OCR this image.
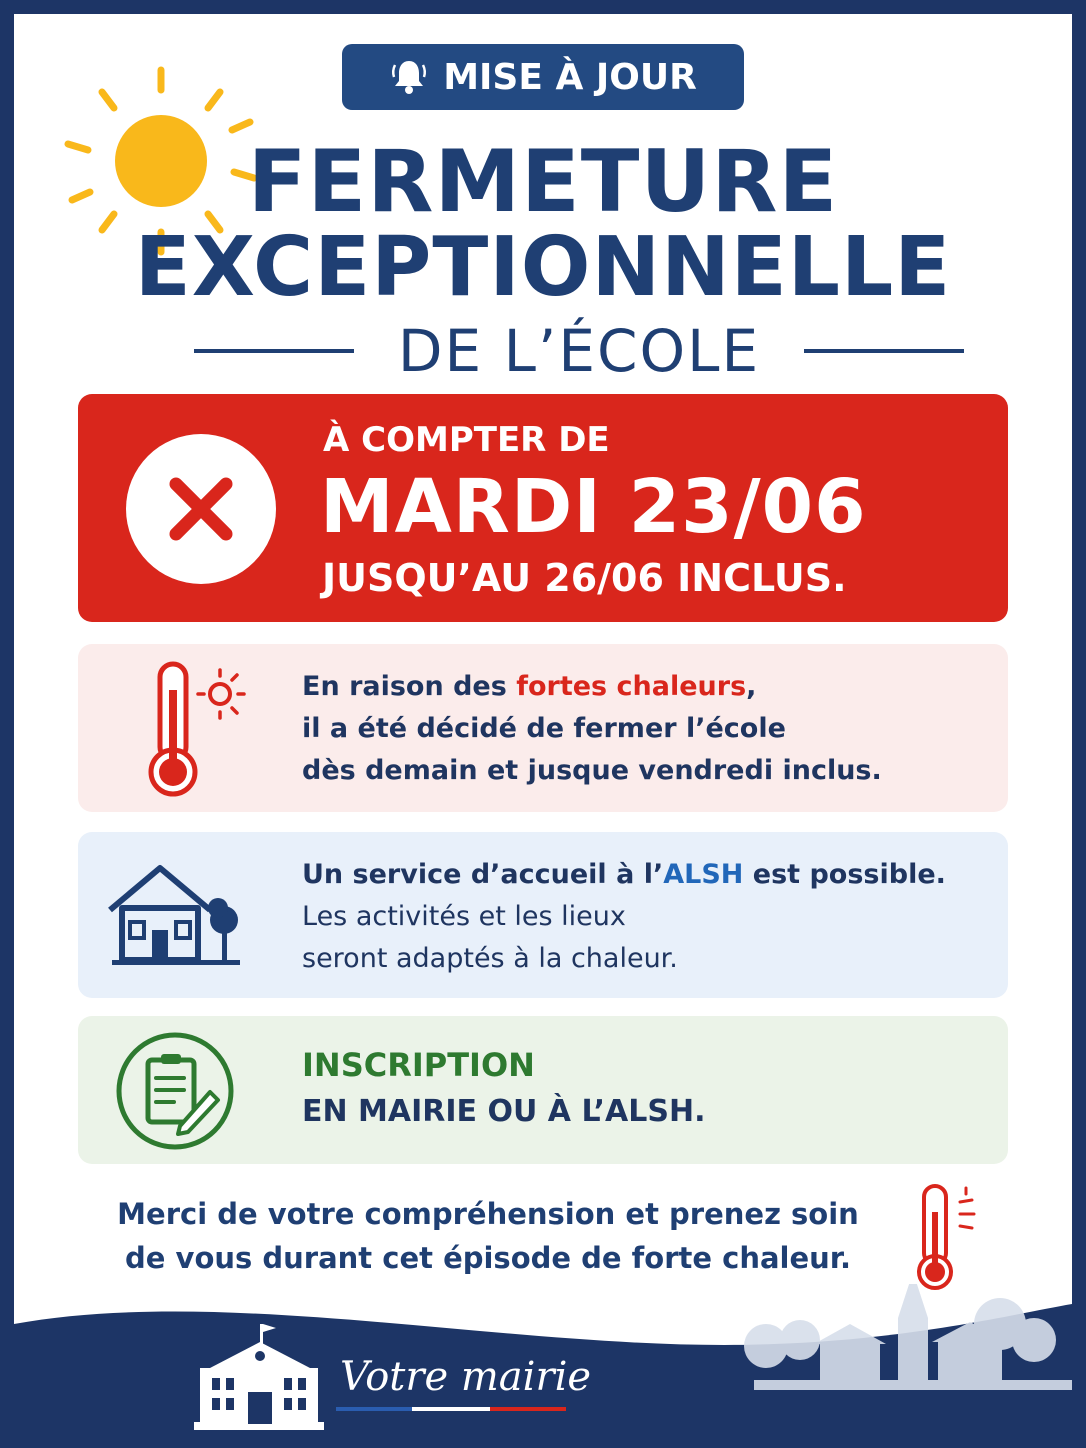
MISE À JOUR
FERMETURE
EXCEPTIONNELLE
DE L’ÉCOLE
À COMPTER DE
MARDI 23/06
JUSQU’AU 26/06 INCLUS.
En raison des fortes chaleurs,
il a été décidé de fermer l’école
dès demain et jusque vendredi inclus.
Un service d’accueil à l’ALSH est possible.
Les activités et les lieux
seront adaptés à la chaleur.
INSCRIPTION
EN MAIRIE OU À L’ALSH.
Merci de votre compréhension et prenez soin
de vous durant cet épisode de forte chaleur.
Votre mairie
